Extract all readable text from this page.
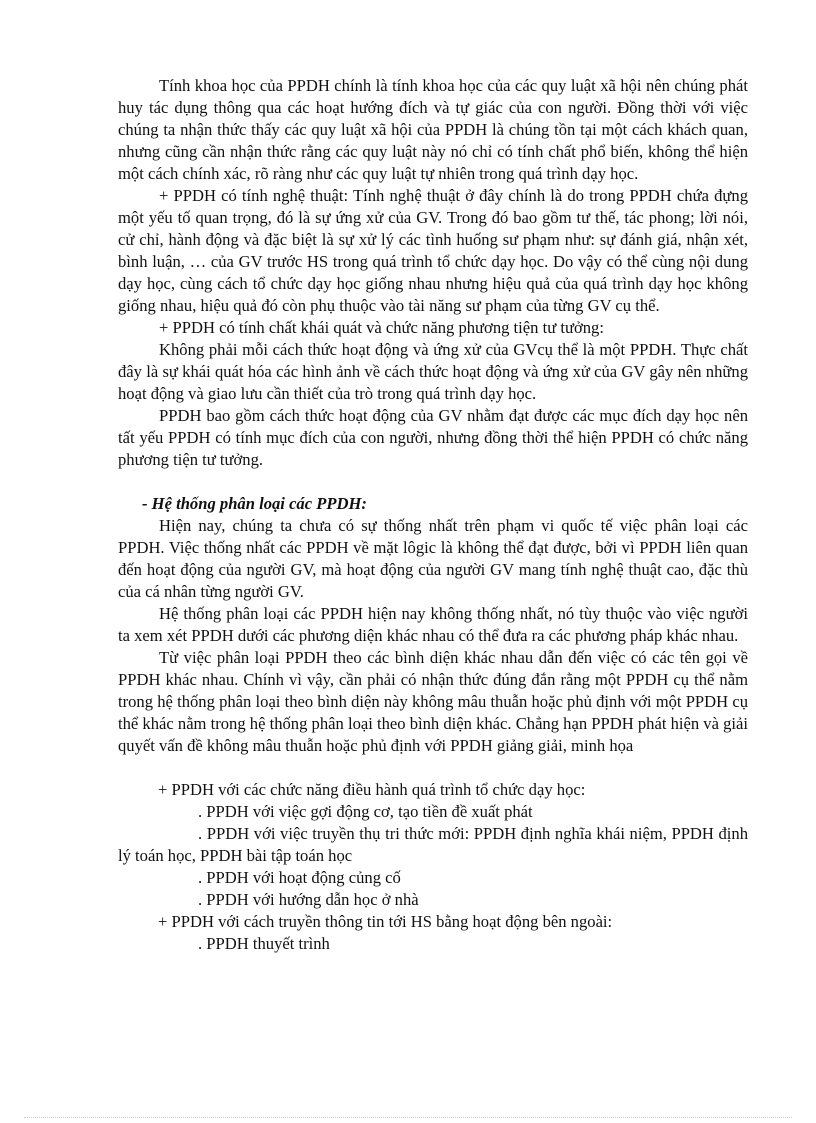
Tính khoa học của PPDH chính là tính khoa học của các quy luật xã hội nên chúng phát huy tác dụng thông qua các hoạt hướng đích và tự giác của con người. Đồng thời với việc chúng ta nhận thức thấy các quy luật xã hội của PPDH là chúng tồn tại một cách khách quan, nhưng cũng cần nhận thức rằng các quy luật này nó chỉ có tính chất phổ biến, không thể hiện một cách chính xác, rõ ràng như các quy luật tự nhiên trong quá trình dạy học.

+ PPDH có tính nghệ thuật: Tính nghệ thuật ở đây chính là do trong PPDH chứa đựng một yếu tố quan trọng, đó là sự ứng xử của GV. Trong đó bao gồm tư thế, tác phong; lời nói, cử chỉ, hành động và đặc biệt là sự xử lý các tình huống sư phạm như: sự đánh giá, nhận xét, bình luận, … của GV trước HS trong quá trình tổ chức dạy học. Do vậy có thể cùng nội dung dạy học, cùng cách tổ chức dạy học giống nhau nhưng hiệu quả của quá trình dạy học không giống nhau, hiệu quả đó còn phụ thuộc vào tài năng sư phạm của từng GV cụ thể.

+ PPDH có tính chất khái quát và chức năng phương tiện tư tưởng:

Không phải mỗi cách thức hoạt động và ứng xử của GVcụ thể là một PPDH. Thực chất đây là sự khái quát hóa các hình ảnh về cách thức hoạt động và ứng xử của GV gây nên những hoạt động và giao lưu cần thiết của trò trong quá trình dạy học.

PPDH bao gồm cách thức hoạt động của GV nhằm đạt được các mục đích dạy học nên tất yếu PPDH có tính mục đích của con người, nhưng đồng thời thể hiện PPDH có chức năng phương tiện tư tưởng.

- Hệ thống phân loại các PPDH:

Hiện nay, chúng ta chưa có sự thống nhất trên phạm vi quốc tế việc phân loại các PPDH. Việc thống nhất các PPDH về mặt lôgic là không thể đạt được, bởi vì PPDH liên quan đến hoạt động của người GV, mà hoạt động của người GV mang tính nghệ thuật cao, đặc thù của cá nhân từng người GV.

Hệ thống phân loại các PPDH hiện nay không thống nhất, nó tùy thuộc vào việc người ta xem xét PPDH dưới các phương diện khác nhau có thể đưa ra các phương pháp khác nhau.

Từ việc phân loại PPDH theo các bình diện khác nhau dẫn đến việc có các tên gọi về PPDH khác nhau. Chính vì vậy, cần phải có nhận thức đúng đắn rằng một PPDH cụ thể nằm trong hệ thống phân loại theo bình diện này không mâu thuẫn hoặc phủ định với một PPDH cụ thể khác nằm trong hệ thống phân loại theo bình diện khác. Chẳng hạn PPDH phát hiện và giải quyết vấn đề không mâu thuẫn hoặc phủ định với PPDH giảng giải, minh họa

+ PPDH với các chức năng điều hành quá trình tổ chức dạy học:

. PPDH với việc gợi động cơ, tạo tiền đề xuất phát

. PPDH với việc truyền thụ tri thức mới: PPDH định nghĩa khái niệm, PPDH định lý toán học, PPDH bài tập toán học

. PPDH với hoạt động củng cố

. PPDH với hướng dẫn học ở nhà

+ PPDH với cách truyền thông tin tới HS bằng hoạt động bên ngoài:

. PPDH thuyết trình
